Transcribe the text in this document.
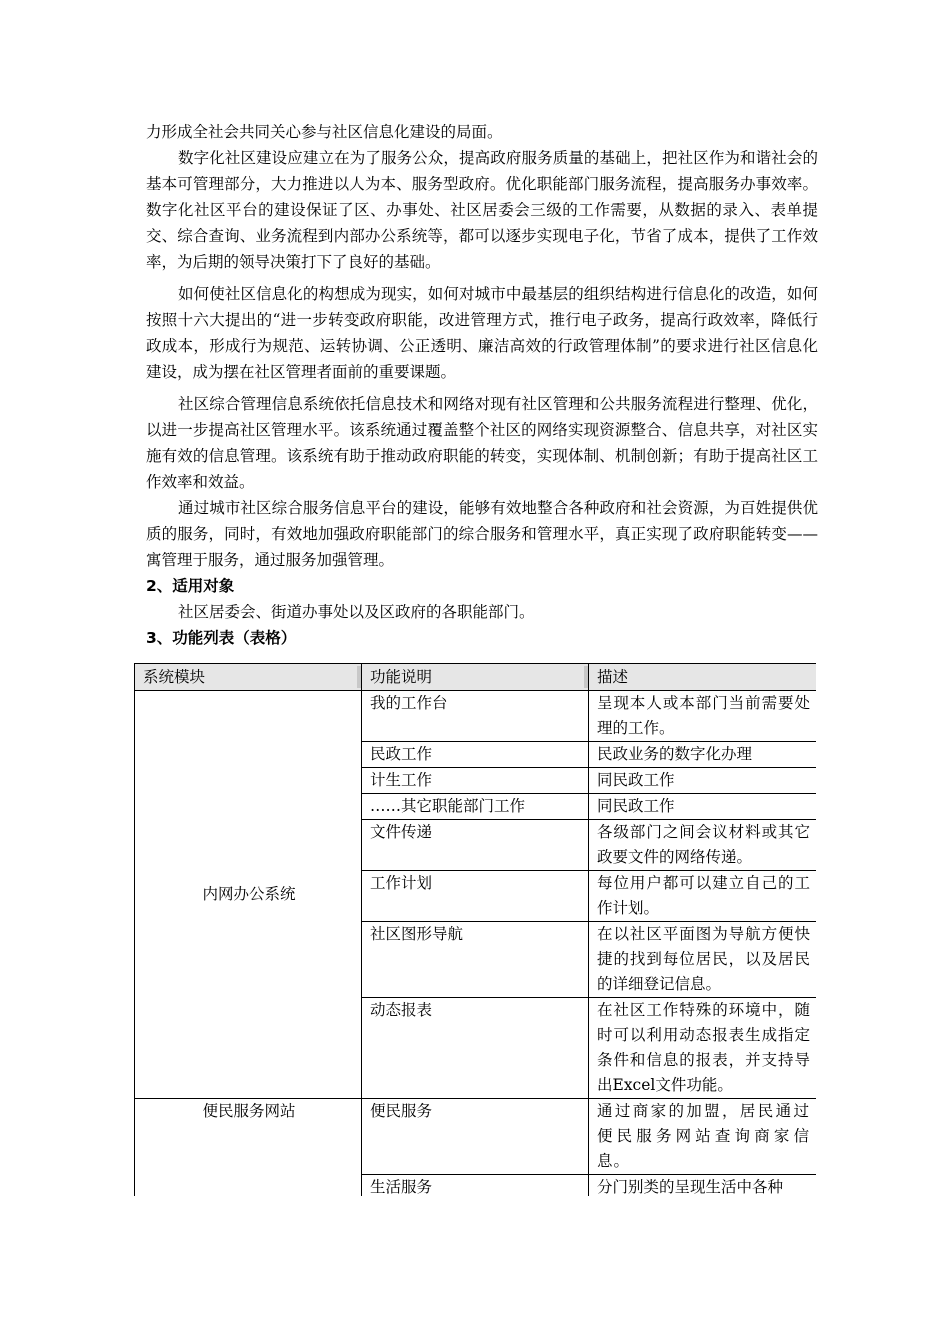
力形成全社会共同关心参与社区信息化建设的局面。

数字化社区建设应建立在为了服务公众，提高政府服务质量的基础上，把社区作为和谐社会的基本可管理部分，大力推进以人为本、服务型政府。优化职能部门服务流程，提高服务办事效率。数字化社区平台的建设保证了区、办事处、社区居委会三级的工作需要，从数据的录入、表单提交、综合查询、业务流程到内部办公系统等，都可以逐步实现电子化，节省了成本，提供了工作效率，为后期的领导决策打下了良好的基础。

如何使社区信息化的构想成为现实，如何对城市中最基层的组织结构进行信息化的改造，如何按照十六大提出的“进一步转变政府职能，改进管理方式，推行电子政务，提高行政效率，降低行政成本，形成行为规范、运转协调、公正透明、廉洁高效的行政管理体制”的要求进行社区信息化建设，成为摆在社区管理者面前的重要课题。

社区综合管理信息系统依托信息技术和网络对现有社区管理和公共服务流程进行整理、优化，以进一步提高社区管理水平。该系统通过覆盖整个社区的网络实现资源整合、信息共享，对社区实施有效的信息管理。该系统有助于推动政府职能的转变，实现体制、机制创新；有助于提高社区工作效率和效益。

通过城市社区综合服务信息平台的建设，能够有效地整合各种政府和社会资源，为百姓提供优质的服务，同时，有效地加强政府职能部门的综合服务和管理水平，真正实现了政府职能转变——寓管理于服务，通过服务加强管理。

2、适用对象

社区居委会、街道办事处以及区政府的各职能部门。

3、功能列表（表格）

系统模块	功能说明	描述
内网办公系统	我的工作台	呈现本人或本部门当前需要处理的工作。
	民政工作	民政业务的数字化办理
	计生工作	同民政工作
	……其它职能部门工作	同民政工作
	文件传递	各级部门之间会议材料或其它政要文件的网络传递。
	工作计划	每位用户都可以建立自己的工作计划。
	社区图形导航	在以社区平面图为导航方便快捷的找到每位居民，以及居民的详细登记信息。
	动态报表	在社区工作特殊的环境中，随时可以利用动态报表生成指定条件和信息的报表，并支持导出Excel文件功能。
便民服务网站	便民服务	通过商家的加盟，居民通过便民服务网站查询商家信息。
	生活服务	分门别类的呈现生活中各种
